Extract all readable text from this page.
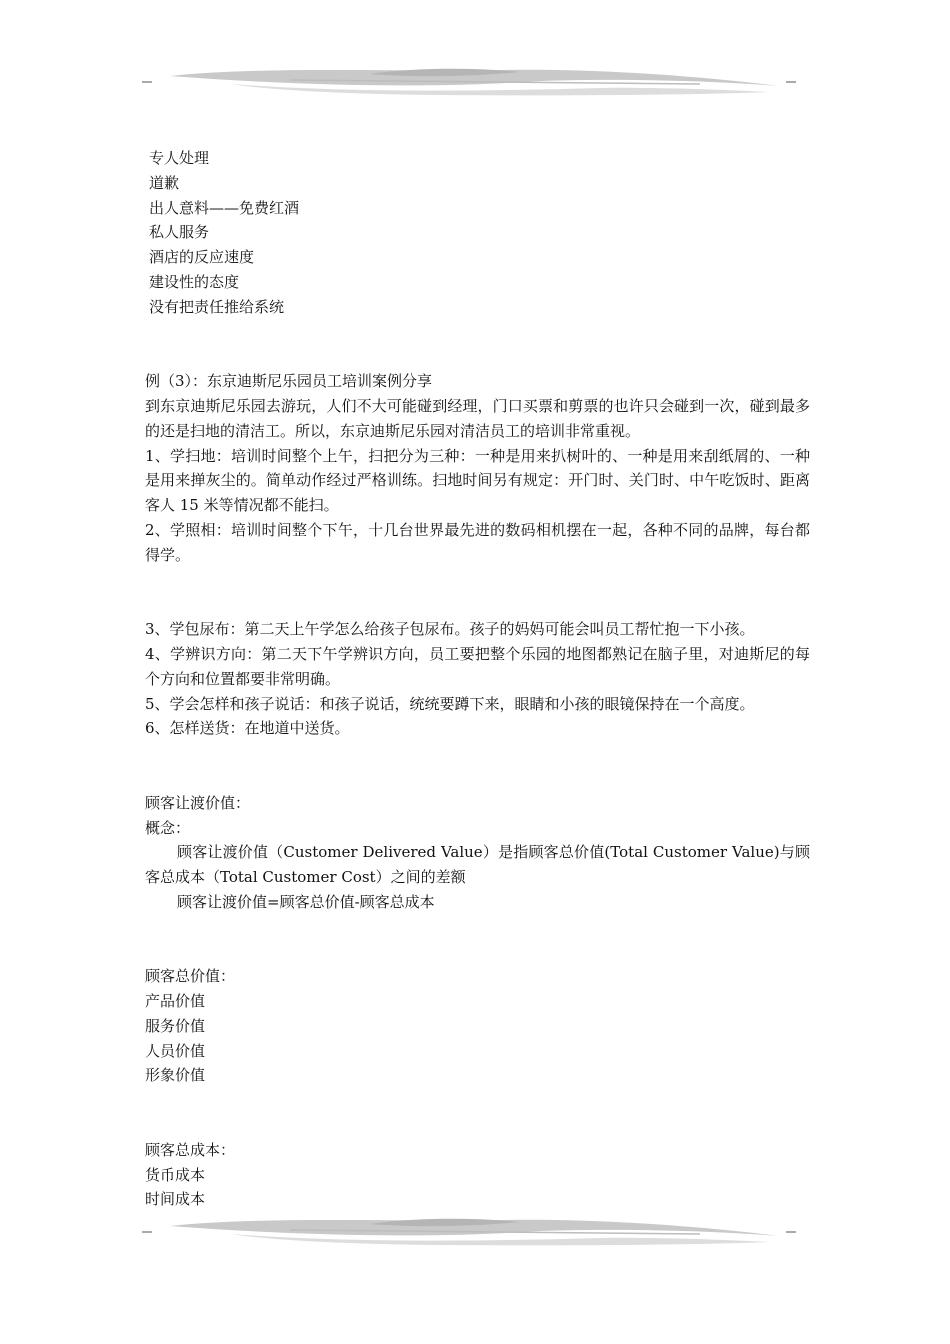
专人处理

道歉

出人意料——免费红酒

私人服务

酒店的反应速度

建设性的态度

没有把责任推给系统

例（3）：东京迪斯尼乐园员工培训案例分享

到东京迪斯尼乐园去游玩，人们不大可能碰到经理，门口买票和剪票的也许只会碰到一次，碰到最多的还是扫地的清洁工。所以，东京迪斯尼乐园对清洁员工的培训非常重视。

1、学扫地：培训时间整个上午，扫把分为三种：一种是用来扒树叶的、一种是用来刮纸屑的、一种是用来掸灰尘的。简单动作经过严格训练。扫地时间另有规定：开门时、关门时、中午吃饭时、距离客人 15 米等情况都不能扫。

2、学照相：培训时间整个下午，十几台世界最先进的数码相机摆在一起，各种不同的品牌，每台都得学。

3、学包尿布：第二天上午学怎么给孩子包尿布。孩子的妈妈可能会叫员工帮忙抱一下小孩。

4、学辨识方向：第二天下午学辨识方向，员工要把整个乐园的地图都熟记在脑子里，对迪斯尼的每个方向和位置都要非常明确。

5、学会怎样和孩子说话：和孩子说话，统统要蹲下来，眼睛和小孩的眼镜保持在一个高度。

6、怎样送货：在地道中送货。

顾客让渡价值：

概念：

顾客让渡价值（Customer Delivered Value）是指顾客总价值(Total Customer Value)与顾客总成本（Total Customer Cost）之间的差额

顾客让渡价值=顾客总价值-顾客总成本

顾客总价值：

产品价值

服务价值

人员价值

形象价值

顾客总成本：

货币成本

时间成本
